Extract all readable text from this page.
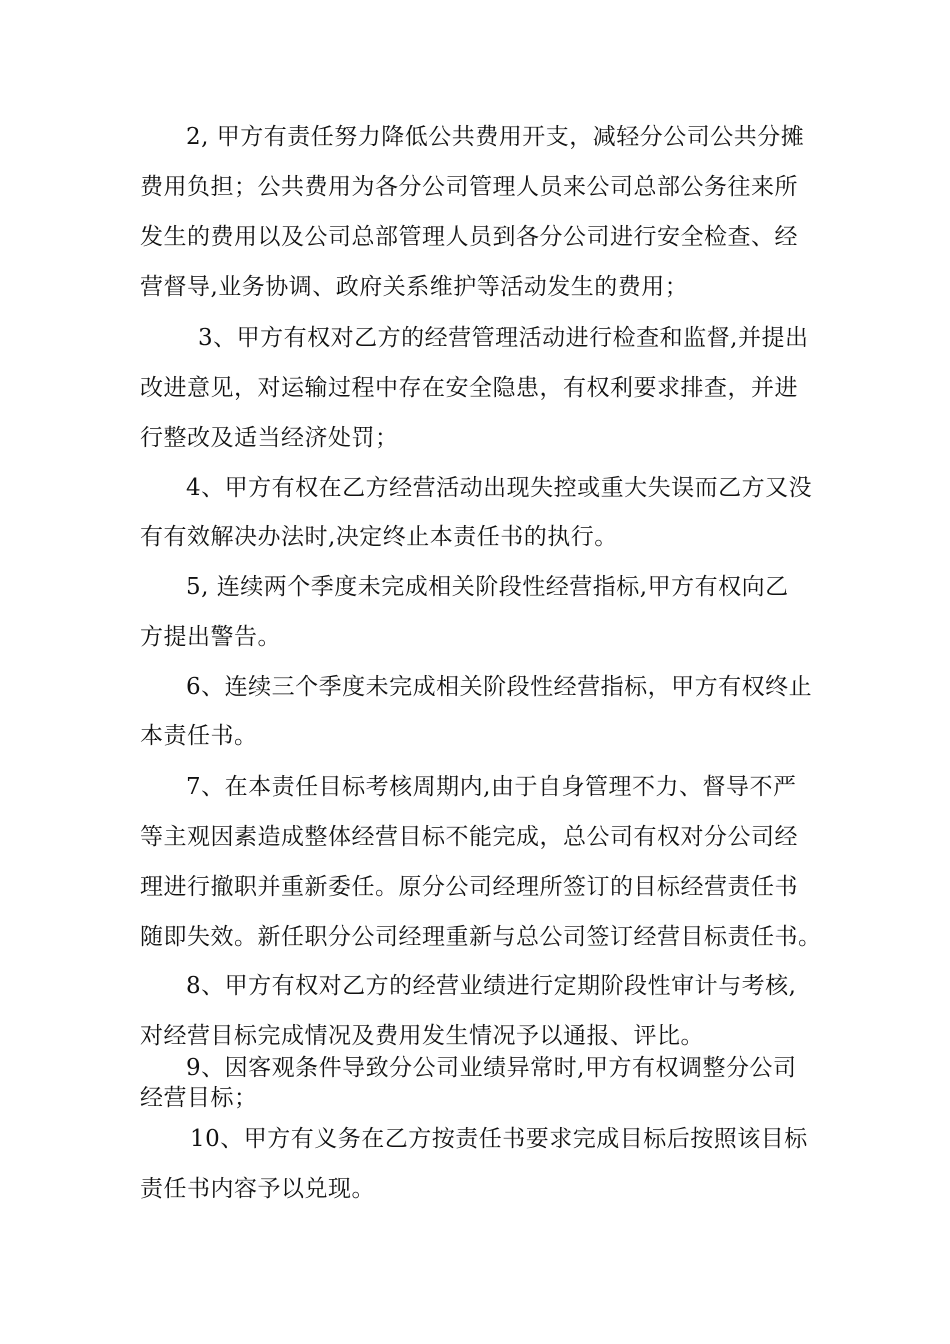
2, 甲方有责任努力降低公共费用开支，减轻分公司公共分摊
费用负担；公共费用为各分公司管理人员来公司总部公务往来所
发生的费用以及公司总部管理人员到各分公司进行安全检查、经
营督导,业务协调、政府关系维护等活动发生的费用；
3、甲方有权对乙方的经营管理活动进行检查和监督,并提出
改进意见，对运输过程中存在安全隐患，有权利要求排查，并进
行整改及适当经济处罚；
4、甲方有权在乙方经营活动出现失控或重大失误而乙方又没
有有效解决办法时,决定终止本责任书的执行。
5, 连续两个季度未完成相关阶段性经营指标,甲方有权向乙
方提出警告。
6、连续三个季度未完成相关阶段性经营指标，甲方有权终止
本责任书。
7、在本责任目标考核周期内,由于自身管理不力、督导不严
等主观因素造成整体经营目标不能完成，总公司有权对分公司经
理进行撤职并重新委任。原分公司经理所签订的目标经营责任书
随即失效。新任职分公司经理重新与总公司签订经营目标责任书。
8、甲方有权对乙方的经营业绩进行定期阶段性审计与考核,
对经营目标完成情况及费用发生情况予以通报、评比。
9、因客观条件导致分公司业绩异常时,甲方有权调整分公司
经营目标；
10、甲方有义务在乙方按责任书要求完成目标后按照该目标
责任书内容予以兑现。
